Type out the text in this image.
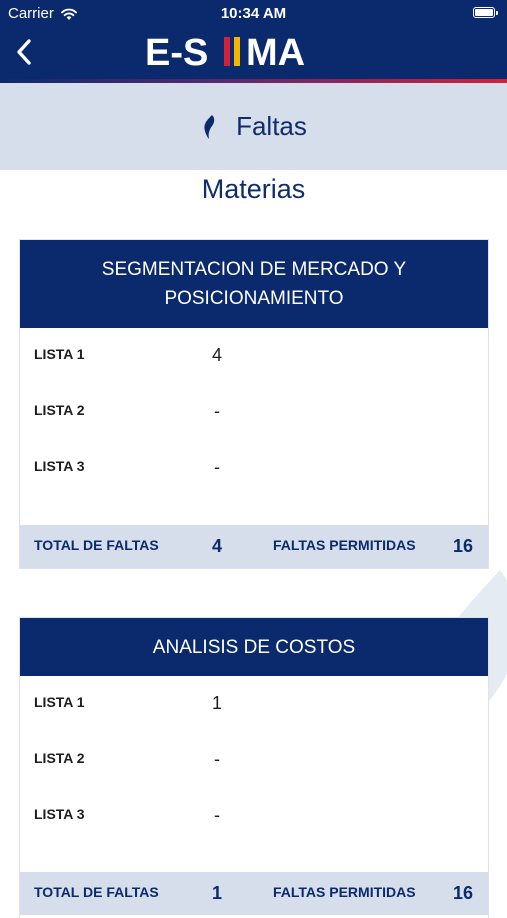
Carrier	10:34 AM
E-S MA
Faltas
Materias
SEGMENTACION DE MERCADO Y POSICIONAMIENTO
LISTA 1	4
LISTA 2	-
LISTA 3	-
TOTAL DE FALTAS	4	FALTAS PERMITIDAS 16
ANALISIS DE COSTOS
LISTA 1	1
LISTA 2	-
LISTA 3	-
TOTAL DE FALTAS	1	FALTAS PERMITIDAS 16
